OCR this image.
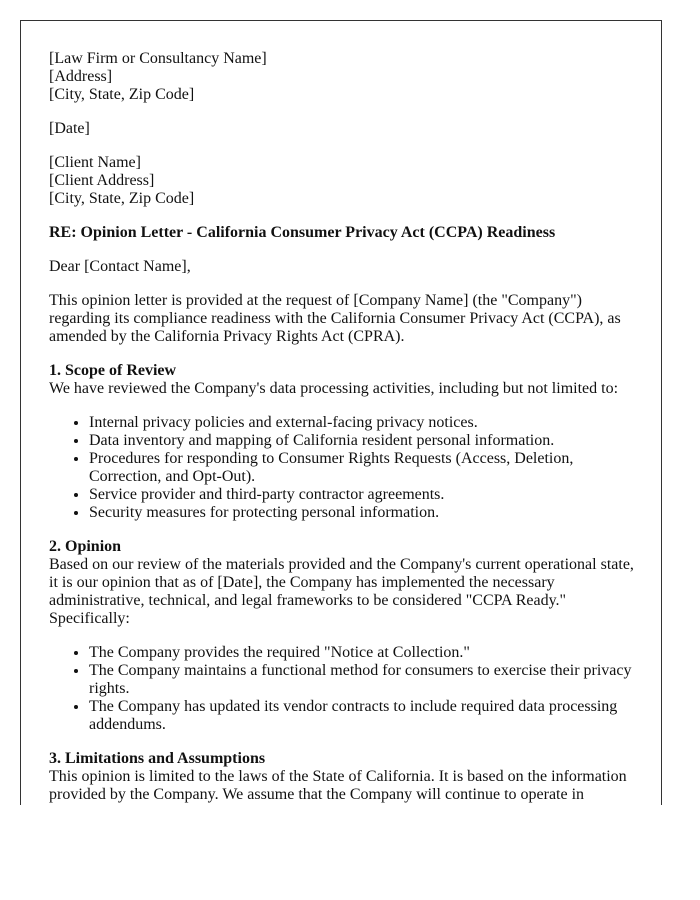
[Law Firm or Consultancy Name]
[Address]
[City, State, Zip Code]

[Date]

[Client Name]
[Client Address]
[City, State, Zip Code]

RE: Opinion Letter - California Consumer Privacy Act (CCPA) Readiness

Dear [Contact Name],

This opinion letter is provided at the request of [Company Name] (the "Company") regarding its compliance readiness with the California Consumer Privacy Act (CCPA), as amended by the California Privacy Rights Act (CPRA).

1. Scope of Review
We have reviewed the Company's data processing activities, including but not limited to:
• Internal privacy policies and external-facing privacy notices.
• Data inventory and mapping of California resident personal information.
• Procedures for responding to Consumer Rights Requests (Access, Deletion, Correction, and Opt-Out).
• Service provider and third-party contractor agreements.
• Security measures for protecting personal information.
2. Opinion
Based on our review of the materials provided and the Company's current operational state, it is our opinion that as of [Date], the Company has implemented the necessary administrative, technical, and legal frameworks to be considered "CCPA Ready." Specifically:
• The Company provides the required "Notice at Collection."
• The Company maintains a functional method for consumers to exercise their privacy rights.
• The Company has updated its vendor contracts to include required data processing addendums.
3. Limitations and Assumptions
This opinion is limited to the laws of the State of California. It is based on the information provided by the Company. We assume that the Company will continue to operate in
